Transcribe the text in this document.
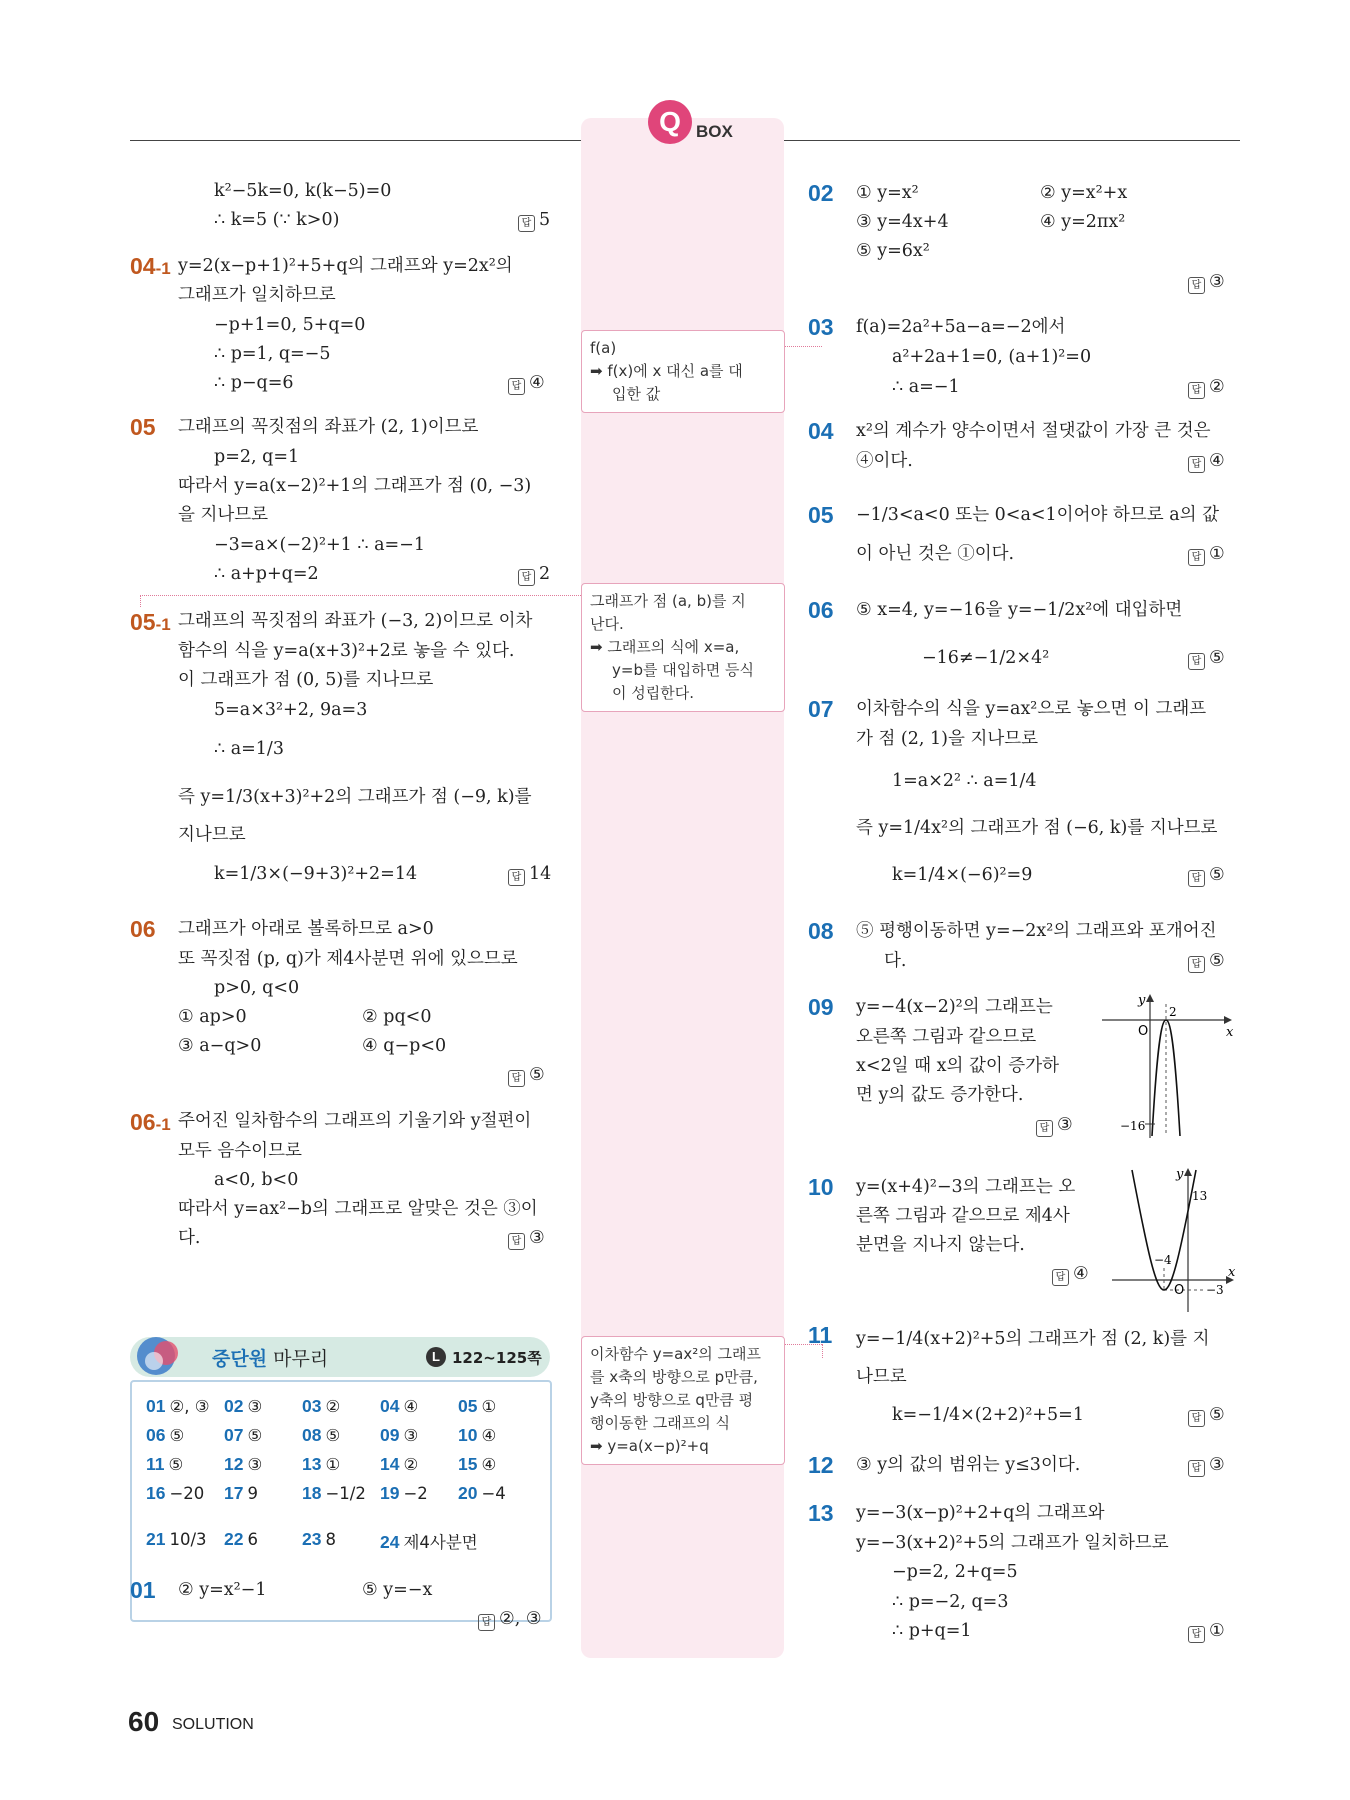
Q BOX
k²−5k=0, k(k−5)=0
∴ k=5 (∵ k>0)	답 5
04-1 y=2(x−p+1)²+5+q의 그래프와 y=2x²의
그래프가 일치하므로
−p+1=0, 5+q=0
∴ p=1, q=−5
∴ p−q=6	답 ④
05 그래프의 꼭짓점의 좌표가 (2, 1)이므로
p=2, q=1
따라서 y=a(x−2)²+1의 그래프가 점 (0, −3)
을 지나므로
−3=a×(−2)²+1 ∴ a=−1
∴ a+p+q=2	답 2
05-1 그래프의 꼭짓점의 좌표가 (−3, 2)이므로 이차
함수의 식을 y=a(x+3)²+2로 놓을 수 있다.
이 그래프가 점 (0, 5)를 지나므로
5=a×3²+2, 9a=3
∴ a=1/3
즉 y=1/3(x+3)²+2의 그래프가 점 (−9, k)를
지나므로
k=1/3×(−9+3)²+2=14	답 14
06 그래프가 아래로 볼록하므로 a>0
또 꼭짓점 (p, q)가 제4사분면 위에 있으므로
p>0, q<0
① ap>0	② pq<0
③ a−q>0	④ q−p<0
답 ⑤
06-1 주어진 일차함수의 그래프의 기울기와 y절편이
모두 음수이므로
a<0, b<0
따라서 y=ax²−b의 그래프로 알맞은 것은 ③이
다.	답 ③
중단원 마무리	L 122~125쪽
01 ②, ③ 02 ③ 03 ② 04 ④ 05 ①
06 ⑤ 07 ⑤ 08 ⑤ 09 ③ 10 ④
11 ⑤ 12 ③ 13 ① 14 ② 15 ④
16 −20 17 9	18 −1/2 19 −2 20 −4
21 10/3 22 6	23 8	24 제4사분면
01 ② y=x²−1	⑤ y=−x
답 ②, ③
f(a)
➡ f(x)에 x 대신 a를 대
입한 값
그래프가 점 (a, b)를 지
난다.
➡ 그래프의 식에 x=a,
y=b를 대입하면 등식
이 성립한다.
이차함수 y=ax²의 그래프
를 x축의 방향으로 p만큼,
y축의 방향으로 q만큼 평
행이동한 그래프의 식
➡ y=a(x−p)²+q
02 ① y=x²	② y=x²+x
③ y=4x+4	④ y=2πx²
⑤ y=6x²
답 ③
03 f(a)=2a²+5a−a=−2에서
a²+2a+1=0, (a+1)²=0
∴ a=−1	답 ②
04 x²의 계수가 양수이면서 절댓값이 가장 큰 것은
④이다.	답 ④
05 −1/3<a<0 또는 0<a<1이어야 하므로 a의 값
이 아닌 것은 ①이다.	답 ①
06 ⑤ x=4, y=−16을 y=−1/2x²에 대입하면
−16≠−1/2×4²	답 ⑤
07 이차함수의 식을 y=ax²으로 놓으면 이 그래프
가 점 (2, 1)을 지나므로
1=a×2² ∴ a=1/4
즉 y=1/4x²의 그래프가 점 (−6, k)를 지나므로
k=1/4×(−6)²=9	답 ⑤
08 ⑤ 평행이동하면 y=−2x²의 그래프와 포개어진
다.	답 ⑤
09 y=−4(x−2)²의 그래프는
오른쪽 그림과 같으므로
x<2일 때 x의 값이 증가하
면 y의 값도 증가한다.
답 ③
y
x
O
2
−16
10 y=(x+4)²−3의 그래프는 오
른쪽 그림과 같으므로 제4사
분면을 지나지 않는다.
답 ④
y
x
O
13
−4
−3
11 y=−1/4(x+2)²+5의 그래프가 점 (2, k)를 지
나므로
k=−1/4×(2+2)²+5=1	답 ⑤
12 ③ y의 값의 범위는 y≤3이다.	답 ③
13 y=−3(x−p)²+2+q의 그래프와
y=−3(x+2)²+5의 그래프가 일치하므로
−p=2, 2+q=5
∴ p=−2, q=3
∴ p+q=1	답 ①
60 SOLUTION
